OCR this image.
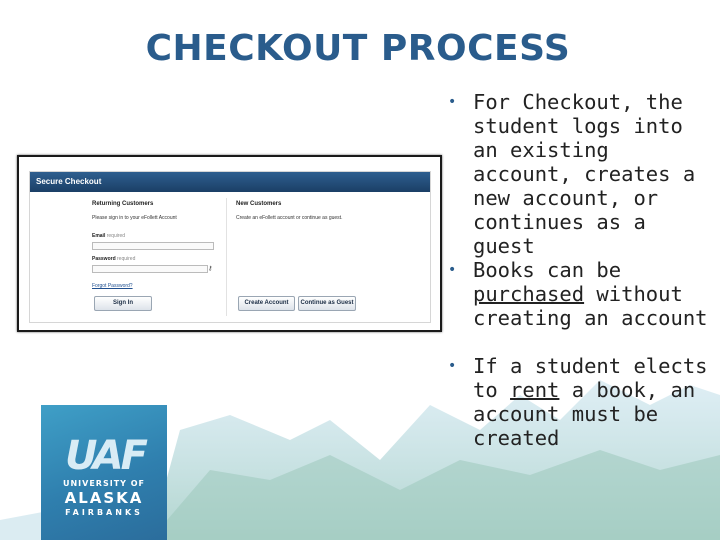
CHECKOUT PROCESS
Secure Checkout
Returning Customers
Please sign in to your eFollett Account
Email required
Password required
⚷
Forgot Password?
Sign In
New Customers
Create an eFollett account or continue as guest.
Create Account	Continue as Guest
• For Checkout, the student logs into an existing account, creates a new account, or continues as a guest
• Books can be purchased without creating an account
• If a student elects to rent a book, an account must be created
UAF
UNIVERSITY OF
ALASKA
FAIRBANKS
